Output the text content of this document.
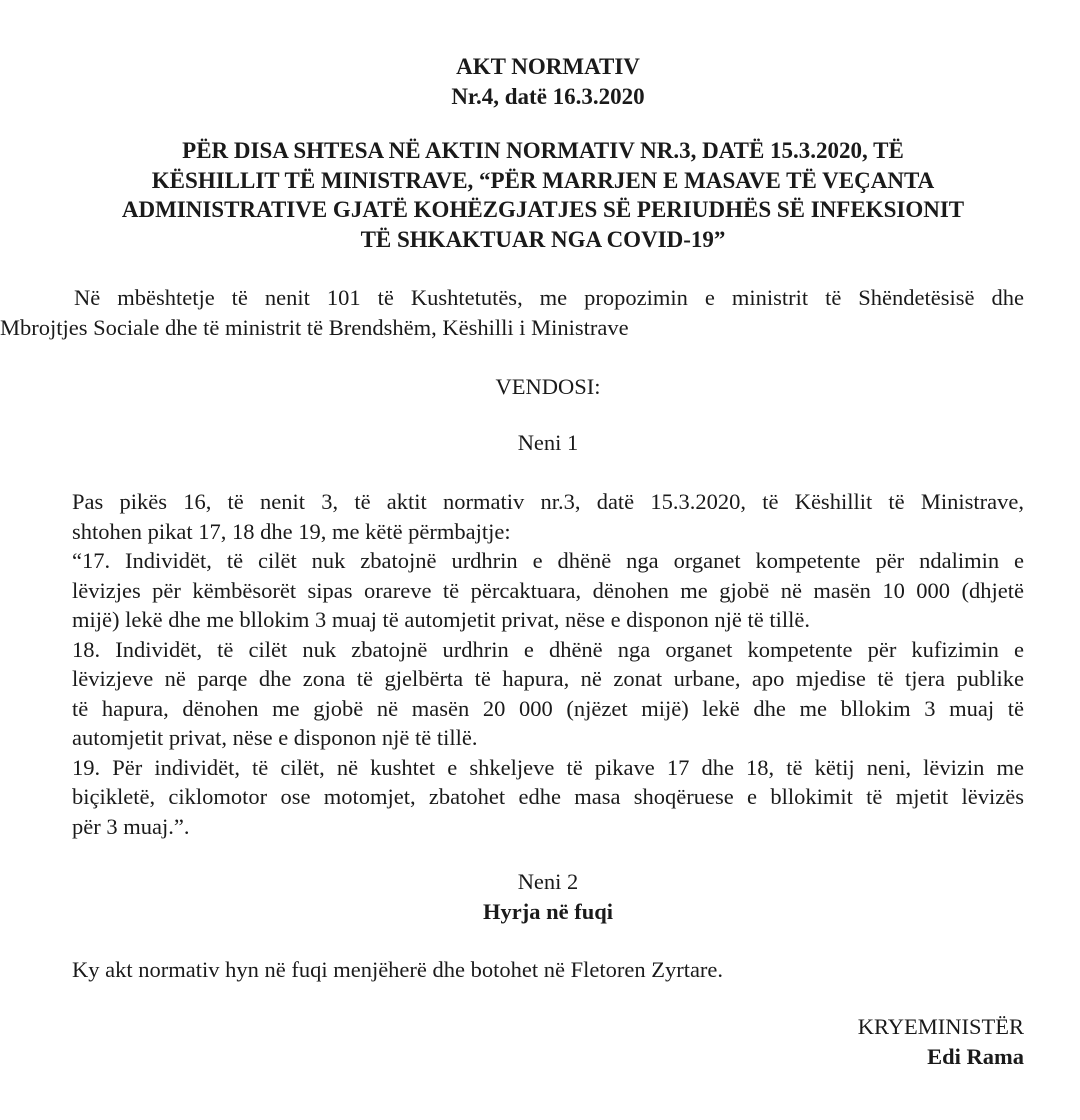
AKT NORMATIV
Nr.4, datë 16.3.2020
PËR DISA SHTESA NË AKTIN NORMATIV NR.3, DATË 15.3.2020, TË
KËSHILLIT TË MINISTRAVE, “PËR MARRJEN E MASAVE TË VEÇANTA
ADMINISTRATIVE GJATË KOHËZGJATJES SË PERIUDHËS SË INFEKSIONIT
TË SHKAKTUAR NGA COVID-19”
Në mbështetje të nenit 101 të Kushtetutës, me propozimin e ministrit të Shëndetësisë dhe
Mbrojtjes Sociale dhe të ministrit të Brendshëm, Këshilli i Ministrave
VENDOSI:
Neni 1
Pas pikës 16, të nenit 3, të aktit normativ nr.3, datë 15.3.2020, të Këshillit të Ministrave,
shtohen pikat 17, 18 dhe 19, me këtë përmbajtje:
“17. Individët, të cilët nuk zbatojnë urdhrin e dhënë nga organet kompetente për ndalimin e
lëvizjes për këmbësorët sipas orareve të përcaktuara, dënohen me gjobë në masën 10 000 (dhjetë
mijë) lekë dhe me bllokim 3 muaj të automjetit privat, nëse e disponon një të tillë.
18. Individët, të cilët nuk zbatojnë urdhrin e dhënë nga organet kompetente për kufizimin e
lëvizjeve në parqe dhe zona të gjelbërta të hapura, në zonat urbane, apo mjedise të tjera publike
të hapura, dënohen me gjobë në masën 20 000 (njëzet mijë) lekë dhe me bllokim 3 muaj të
automjetit privat, nëse e disponon një të tillë.
19. Për individët, të cilët, në kushtet e shkeljeve të pikave 17 dhe 18, të këtij neni, lëvizin me
biçikletë, ciklomotor ose motomjet, zbatohet edhe masa shoqëruese e bllokimit të mjetit lëvizës
për 3 muaj.”.
Neni 2
Hyrja në fuqi
Ky akt normativ hyn në fuqi menjëherë dhe botohet në Fletoren Zyrtare.
KRYEMINISTËR
Edi Rama
